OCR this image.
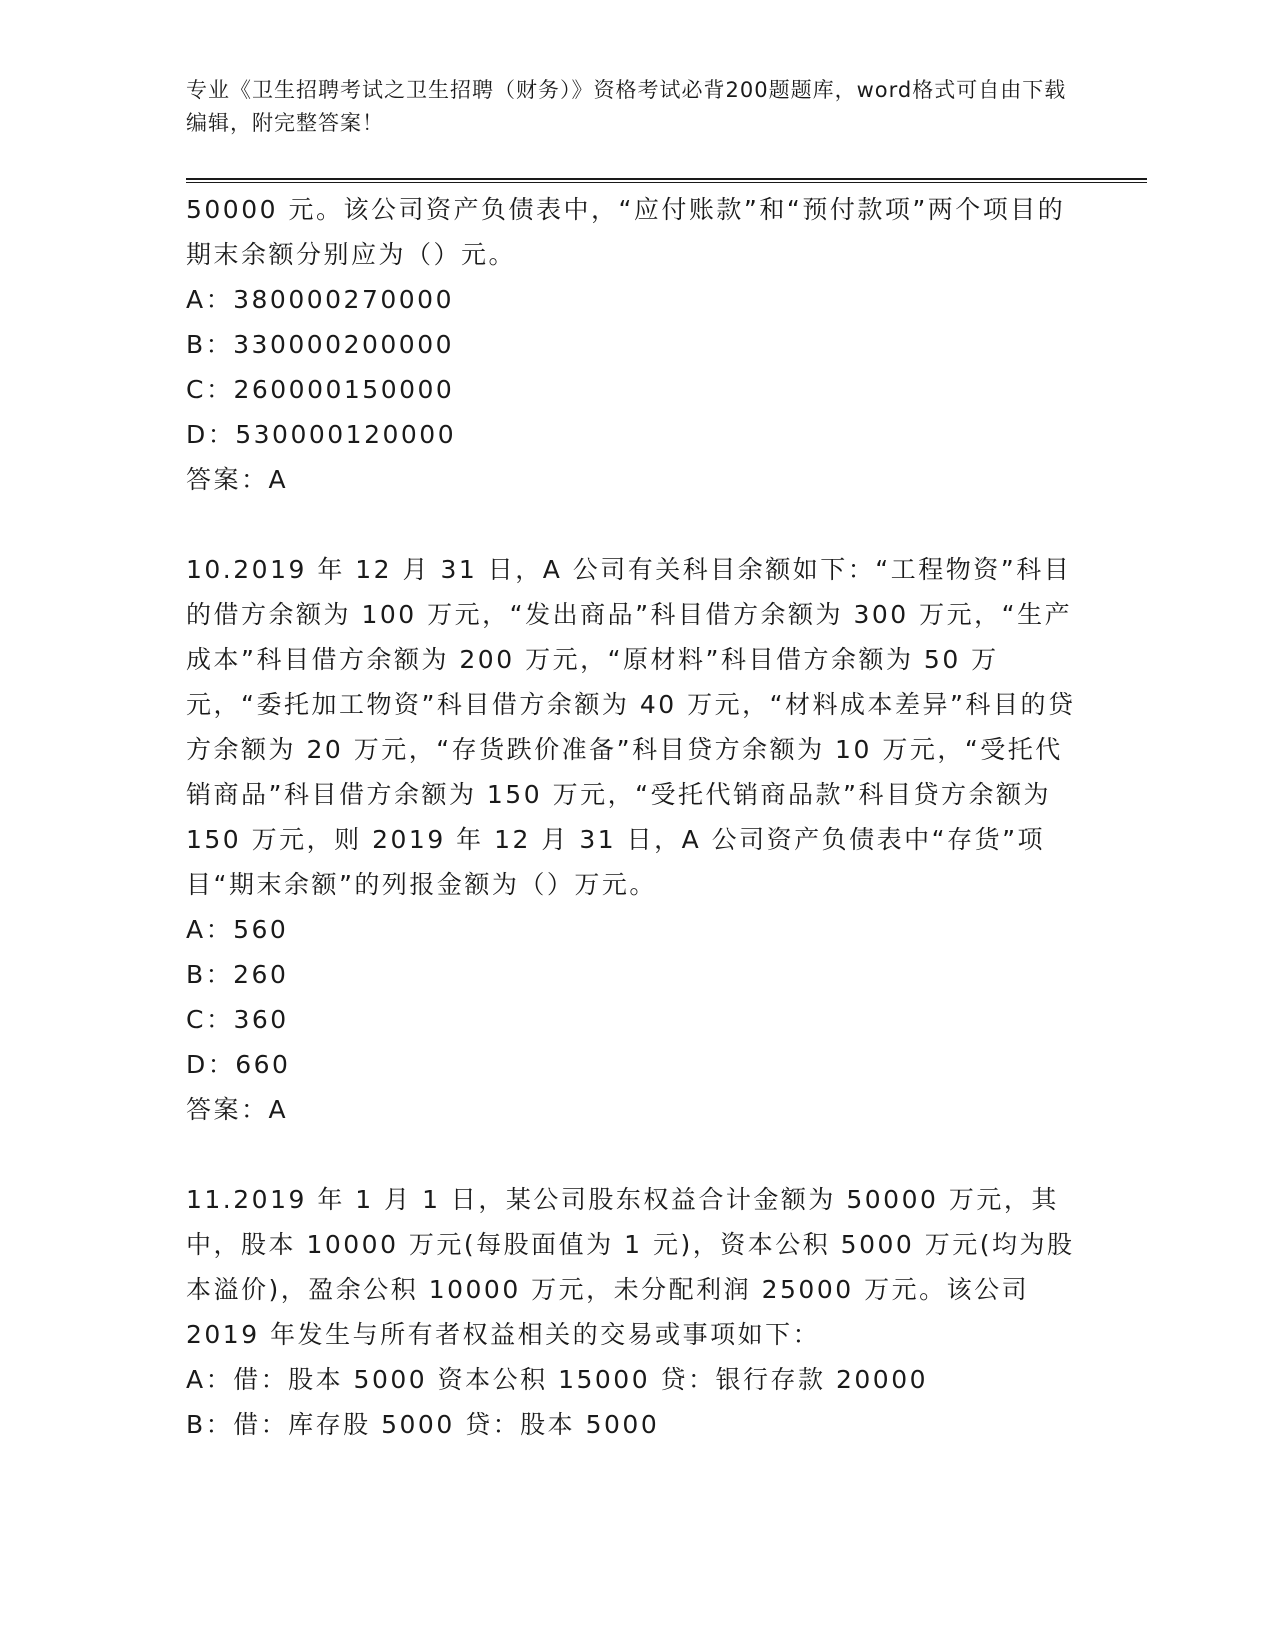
专业《卫生招聘考试之卫生招聘（财务）》资格考试必背200题题库，word格式可自由下载编辑，附完整答案！

50000 元。该公司资产负债表中，“应付账款”和“预付款项”两个项目的期末余额分别应为（）元。

A：380000270000

B：330000200000

C：260000150000

D：530000120000

答案：A

10.2019 年 12 月 31 日，A 公司有关科目余额如下：“工程物资”科目的借方余额为 100 万元，“发出商品”科目借方余额为 300 万元，“生产成本”科目借方余额为 200 万元，“原材料”科目借方余额为 50 万元，“委托加工物资”科目借方余额为 40 万元，“材料成本差异”科目的贷方余额为 20 万元，“存货跌价准备”科目贷方余额为 10 万元，“受托代销商品”科目借方余额为 150 万元，“受托代销商品款”科目贷方余额为 150 万元，则 2019 年 12 月 31 日，A 公司资产负债表中“存货”项目“期末余额”的列报金额为（）万元。

A：560

B：260

C：360

D：660

答案：A

11.2019 年 1 月 1 日，某公司股东权益合计金额为 50000 万元，其中，股本 10000 万元(每股面值为 1 元)，资本公积 5000 万元(均为股本溢价)，盈余公积 10000 万元，未分配利润 25000 万元。该公司 2019 年发生与所有者权益相关的交易或事项如下：

A：借：股本 5000 资本公积 15000 贷：银行存款 20000

B：借：库存股 5000 贷：股本 5000
